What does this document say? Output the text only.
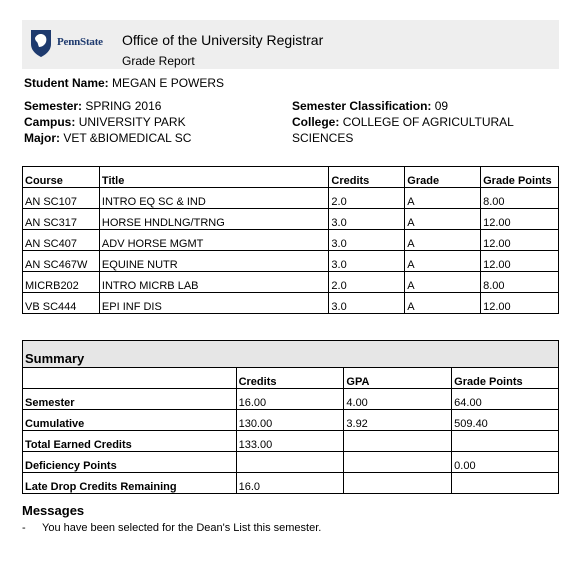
PennState Office of the University Registrar
Grade Report
Student Name: MEGAN E POWERS
Semester: SPRING 2016
Campus: UNIVERSITY PARK
Major: VET &BIOMEDICAL SC
Semester Classification: 09
College: COLLEGE OF AGRICULTURAL
SCIENCES
Course	Title	Credits	Grade	Grade Points
AN SC107	INTRO EQ SC & IND	2.0	A	8.00
AN SC317	HORSE HNDLNG/TRNG	3.0	A	12.00
AN SC407	ADV HORSE MGMT	3.0	A	12.00
AN SC467W	EQUINE NUTR	3.0	A	12.00
MICRB202	INTRO MICRB LAB	2.0	A	8.00
VB SC444	EPI INF DIS	3.0	A	12.00
Summary			
	Credits	GPA	Grade Points
Semester	16.00	4.00	64.00
Cumulative	130.00	3.92	509.40
Total Earned Credits	133.00		
Deficiency Points			0.00
Late Drop Credits Remaining	16.0		
Messages
- You have been selected for the Dean's List this semester.
